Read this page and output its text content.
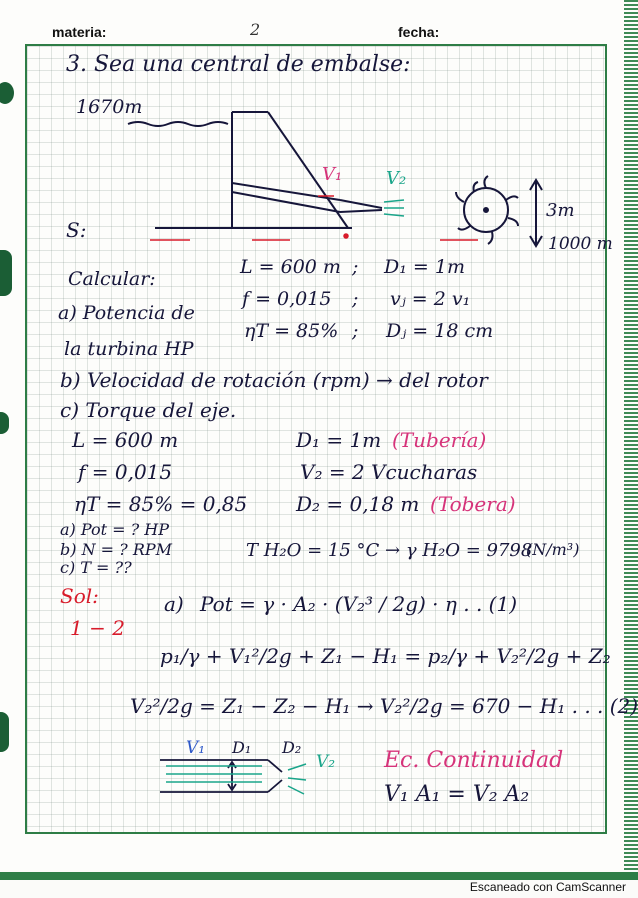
materia:	2	fecha:
3. Sea una central de embalse:
1670m
S:
V₁ V₂
3m
1000 m
Calcular:
a) Potencia de
la turbina HP
L = 600 m ; D₁ = 1m
f = 0,015 ; vⱼ = 2 v₁
ηT = 85% ; Dⱼ = 18 cm
b) Velocidad de rotación (rpm) → del rotor
c) Torque del eje.
L = 600 m	D₁ = 1m (Tubería)
f = 0,015	V₂ = 2 Vcucharas
ηT = 85% = 0,85 D₂ = 0,18 m (Tobera)
a) Pot = ? HP
b) N = ? RPM
c) T = ??
T H₂O = 15 °C → γ H₂O = 9798
(N/m³)
Sol:
1 − 2
a) Pot = γ · A₂ · (V₂³ / 2g) · η . . (1)
p₁/γ + V₁²/2g + Z₁ − H₁ = p₂/γ + V₂²/2g + Z₂
V₂²/2g = Z₁ − Z₂ − H₁ → V₂²/2g = 670 − H₁ . . . (2)
V₁ D₁ D₂
V₂ Ec. Continuidad
V₁ A₁ = V₂ A₂
Escaneado con CamScanner
